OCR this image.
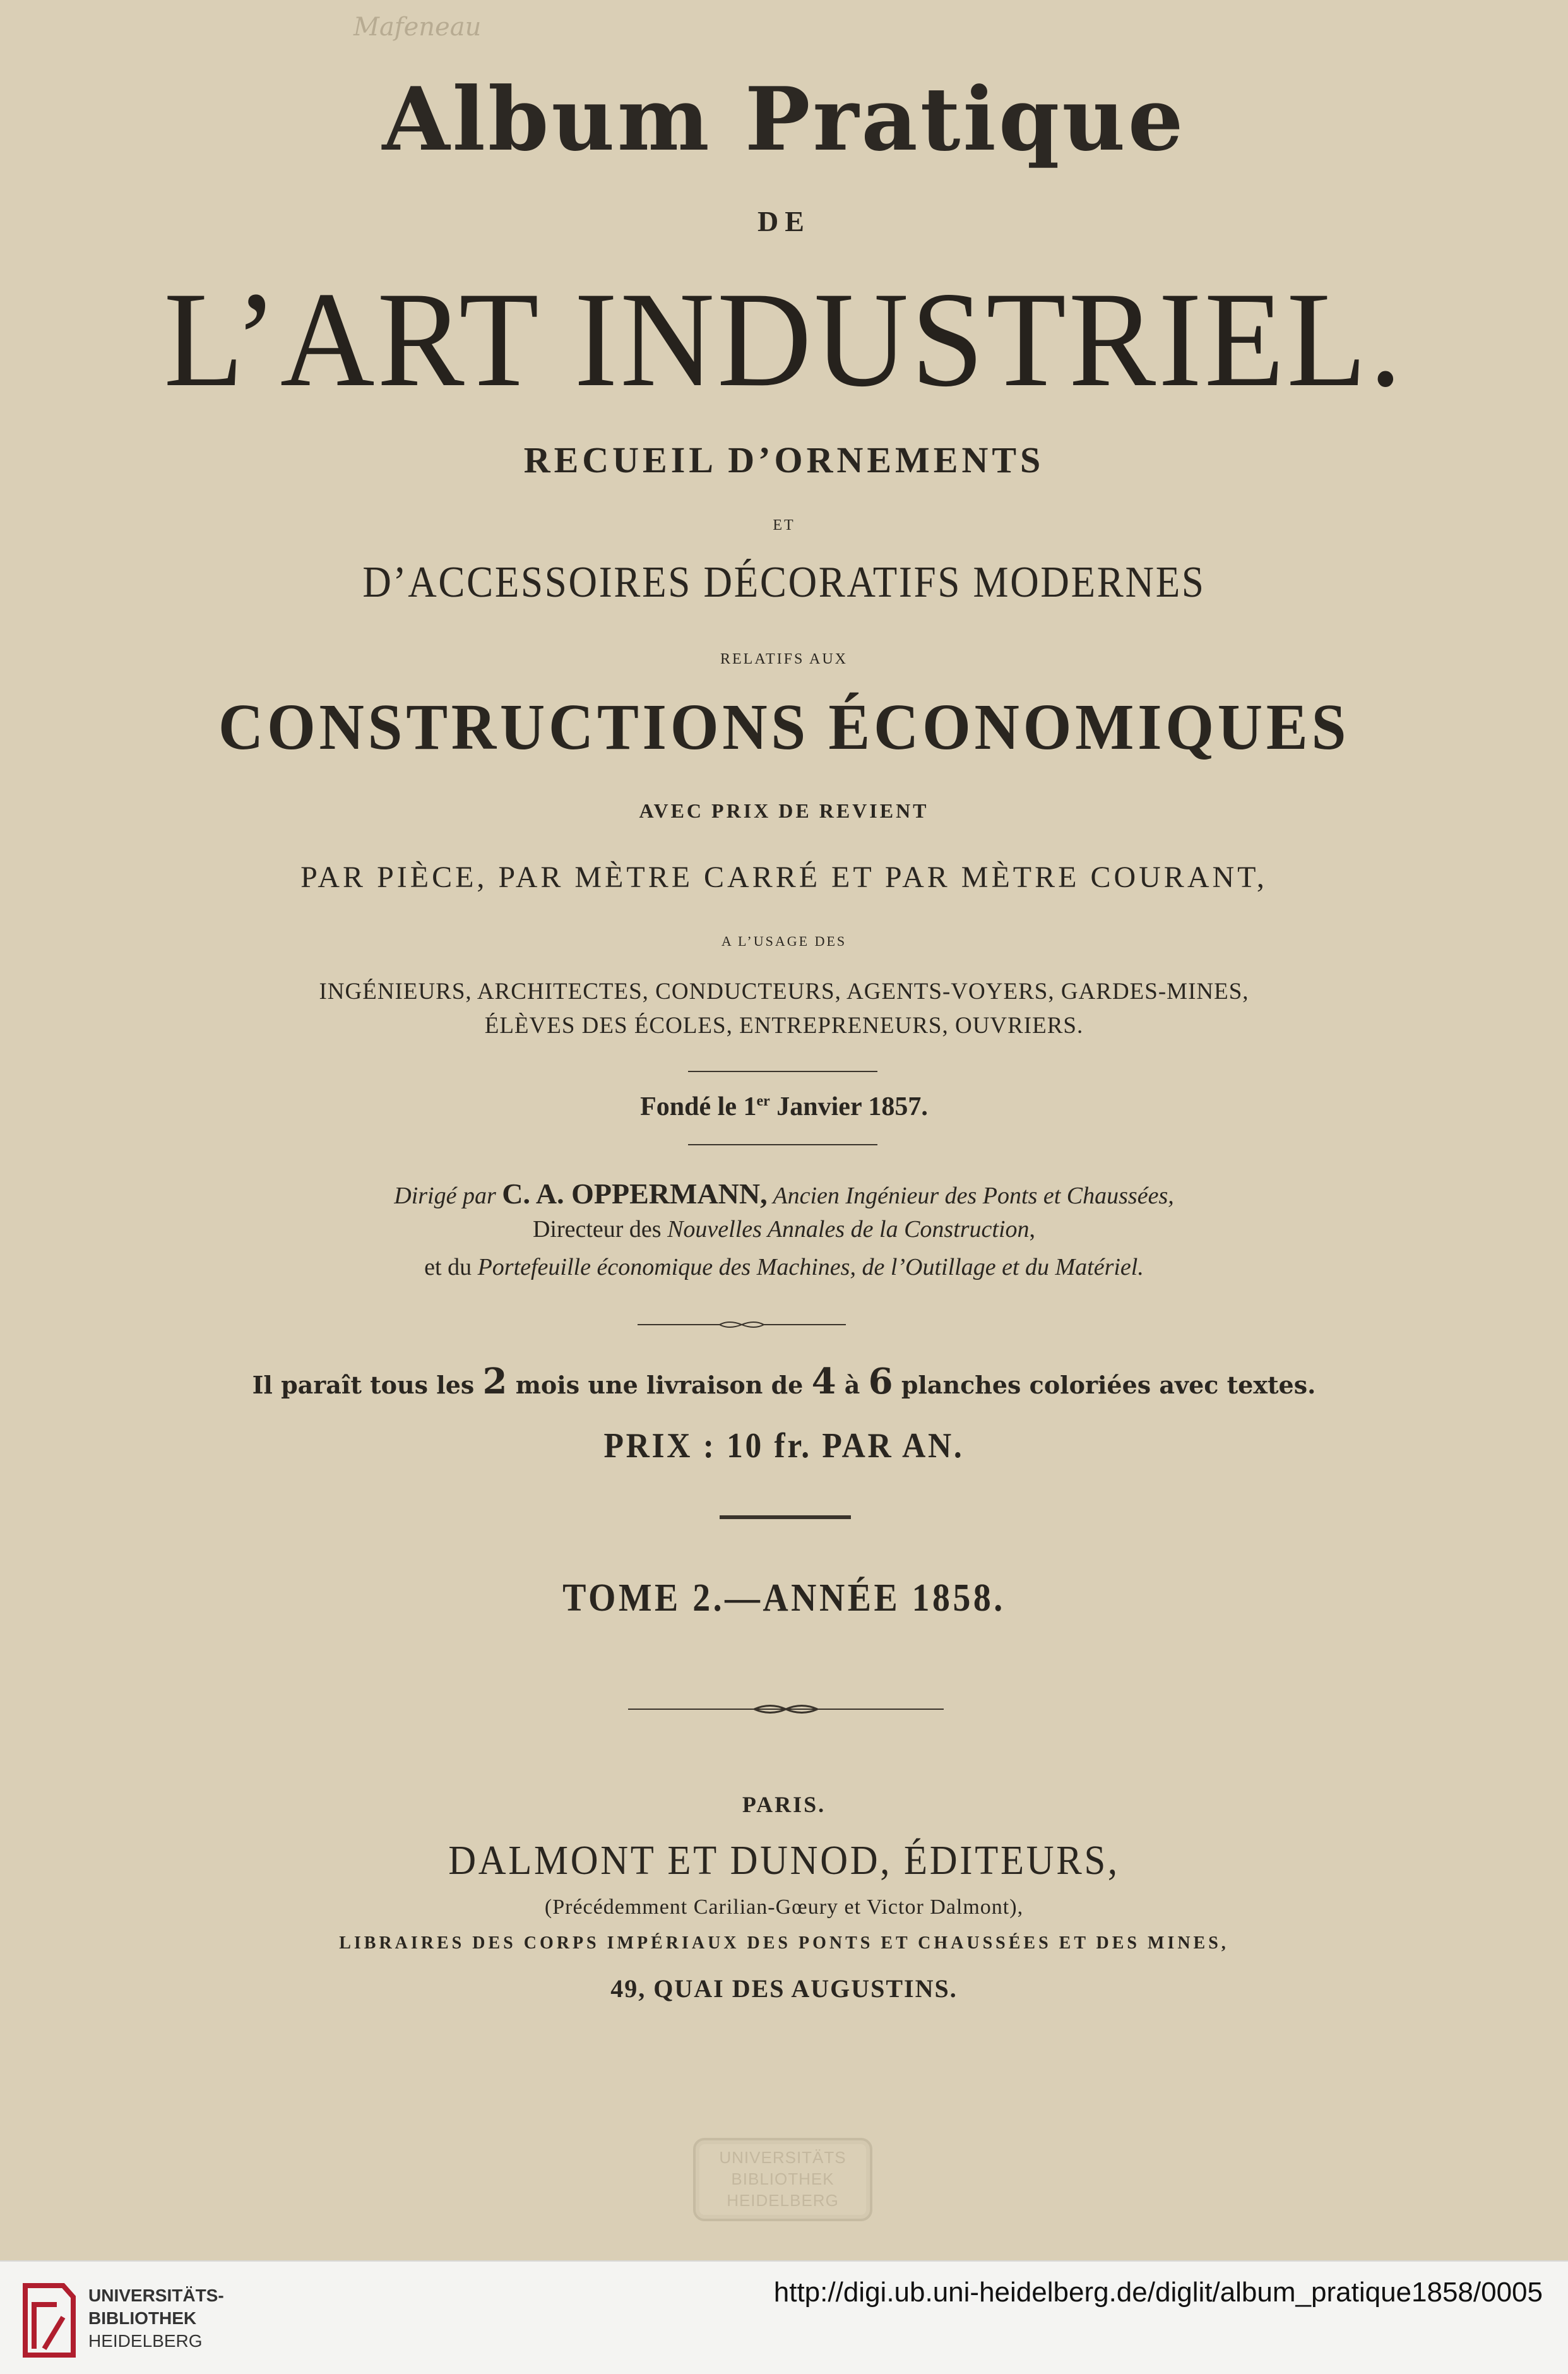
Mafeneau
Album Pratique
DE
L’ART INDUSTRIEL.
RECUEIL D’ORNEMENTS
ET
D’ACCESSOIRES DÉCORATIFS MODERNES
RELATIFS AUX
CONSTRUCTIONS ÉCONOMIQUES
AVEC PRIX DE REVIENT
PAR PIÈCE, PAR MÈTRE CARRÉ ET PAR MÈTRE COURANT,
A L’USAGE DES
INGÉNIEURS, ARCHITECTES, CONDUCTEURS, AGENTS-VOYERS, GARDES-MINES,
ÉLÈVES DES ÉCOLES, ENTREPRENEURS, OUVRIERS.
Fondé le 1er Janvier 1857.
Dirigé par C. A. OPPERMANN, Ancien Ingénieur des Ponts et Chaussées,
Directeur des Nouvelles Annales de la Construction,
et du Portefeuille économique des Machines, de l’Outillage et du Matériel.
Il paraît tous les 2 mois une livraison de 4 à 6 planches coloriées avec textes.
PRIX : 10 fr. PAR AN.
TOME 2.—ANNÉE 1858.
PARIS.
DALMONT ET DUNOD, ÉDITEURS,
(Précédemment Carilian-Gœury et Victor Dalmont),
LIBRAIRES DES CORPS IMPÉRIAUX DES PONTS ET CHAUSSÉES ET DES MINES,
49, QUAI DES AUGUSTINS.
UNIVERSITÄTS
BIBLIOTHEK
HEIDELBERG
UNIVERSITÄTS-
BIBLIOTHEK
HEIDELBERG
http://digi.ub.uni-heidelberg.de/diglit/album_pratique1858/0005
